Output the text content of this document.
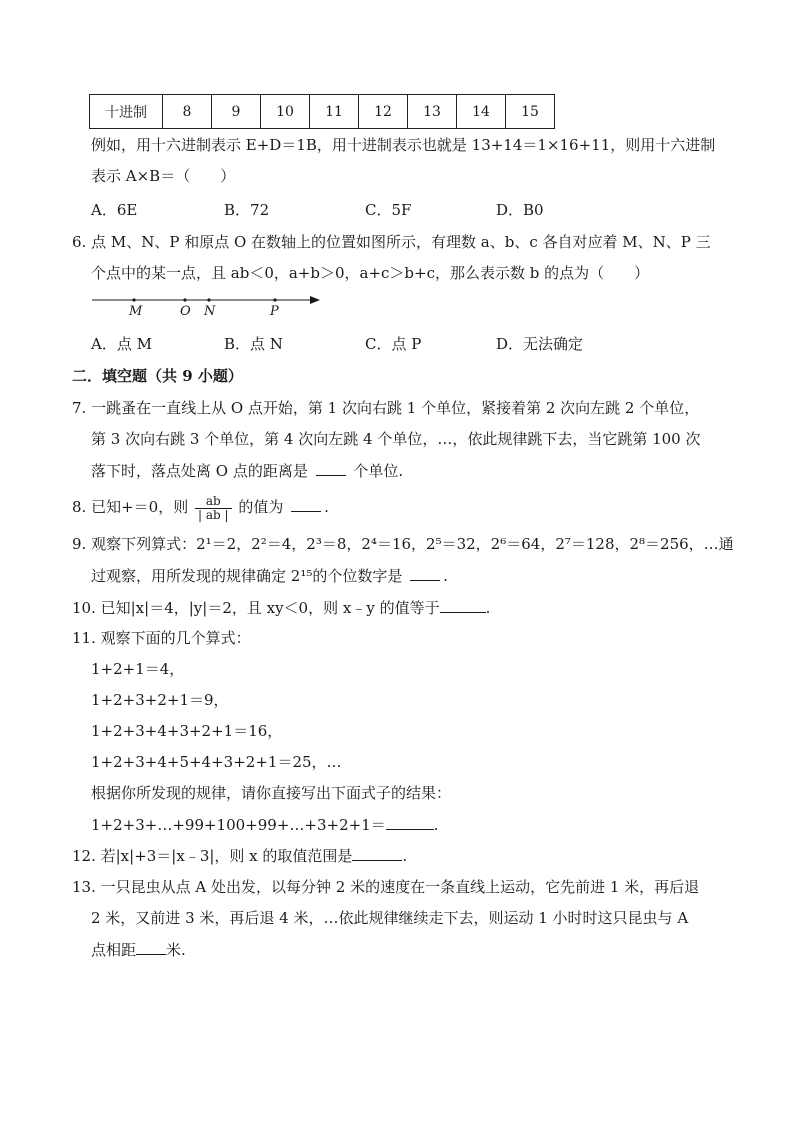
十进制	8	9	10	11	12	13	14	15
例如，用十六进制表示 E+D＝1B，用十进制表示也就是 13+14＝1×16+11，则用十六进制
表示 A×B＝（　　）
A．6E	B．72	C．5F	D．B0
6. 点 M、N、P 和原点 O 在数轴上的位置如图所示，有理数 a、b、c 各自对应着 M、N、P 三
个点中的某一点，且 ab＜0，a+b＞0，a+c＞b+c，那么表示数 b 的点为（　　）
M	O N	P
A．点 M	B．点 N	C．点 P	D．无法确定
二．填空题（共 9 小题）
7. 一跳蚤在一直线上从 O 点开始，第 1 次向右跳 1 个单位，紧接着第 2 次向左跳 2 个单位，
第 3 次向右跳 3 个单位，第 4 次向左跳 4 个单位，…，依此规律跳下去，当它跳第 100 次
落下时，落点处离 O 点的距离是	个单位.
8. 已知+＝0，则 $\frac{ab}{| ab |}$ 的值为	.
9. 观察下列算式：2¹＝2，2²＝4，2³＝8，2⁴＝16，2⁵＝32，2⁶＝64，2⁷＝128，2⁸＝256，…通
过观察，用所发现的规律确定 2¹⁵的个位数字是	.
10. 已知|x|＝4，|y|＝2，且 xy＜0，则 x﹣y 的值等于	.
11. 观察下面的几个算式：
1+2+1＝4，
1+2+3+2+1＝9，
1+2+3+4+3+2+1＝16，
1+2+3+4+5+4+3+2+1＝25，…
根据你所发现的规律，请你直接写出下面式子的结果：
1+2+3+…+99+100+99+…+3+2+1＝	.
12. 若|x|+3＝|x﹣3|，则 x 的取值范围是	.
13. 一只昆虫从点 A 处出发，以每分钟 2 米的速度在一条直线上运动，它先前进 1 米，再后退
2 米，又前进 3 米，再后退 4 米，…依此规律继续走下去，则运动 1 小时时这只昆虫与 A
点相距 米.
